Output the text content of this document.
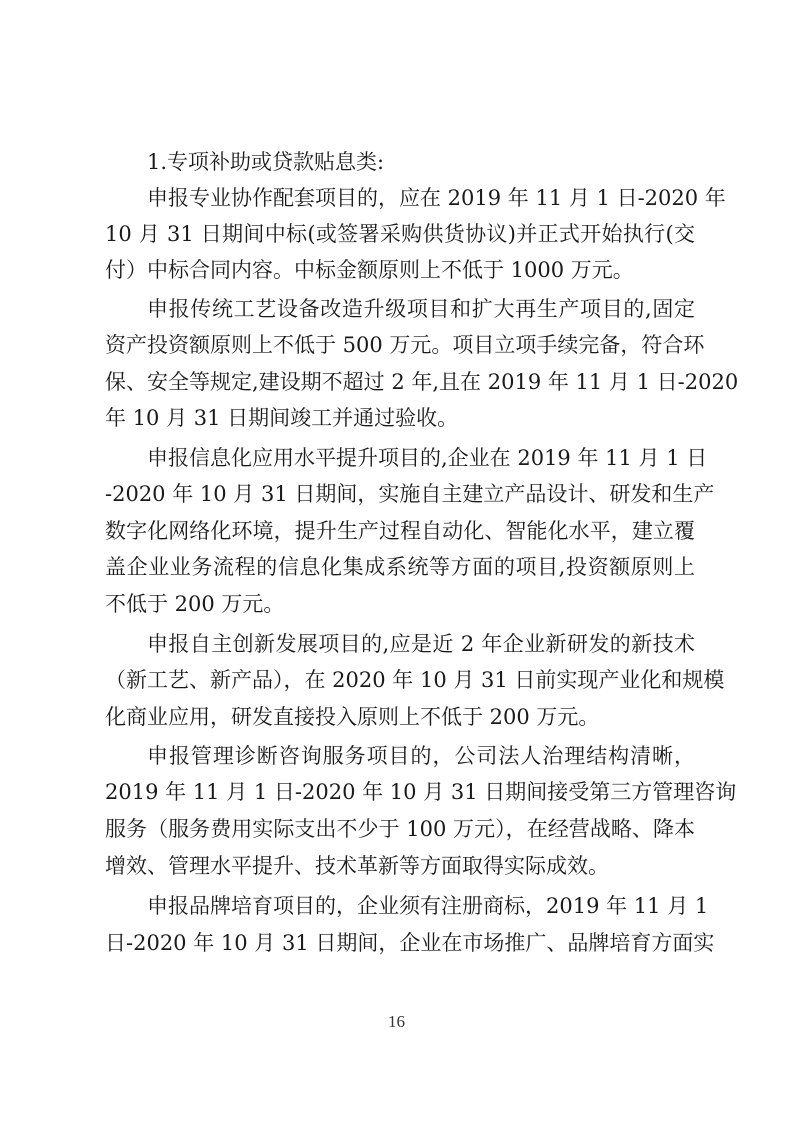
1.专项补助或贷款贴息类:
申报专业协作配套项目的，应在 2019 年 11 月 1 日-2020 年
10 月 31 日期间中标(或签署采购供货协议)并正式开始执行(交
付）中标合同内容。中标金额原则上不低于 1000 万元。
申报传统工艺设备改造升级项目和扩大再生产项目的,固定
资产投资额原则上不低于 500 万元。项目立项手续完备，符合环
保、安全等规定,建设期不超过 2 年,且在 2019 年 11 月 1 日-2020
年 10 月 31 日期间竣工并通过验收。
申报信息化应用水平提升项目的,企业在 2019 年 11 月 1 日
-2020 年 10 月 31 日期间，实施自主建立产品设计、研发和生产
数字化网络化环境，提升生产过程自动化、智能化水平，建立覆
盖企业业务流程的信息化集成系统等方面的项目,投资额原则上
不低于 200 万元。
申报自主创新发展项目的,应是近 2 年企业新研发的新技术
（新工艺、新产品），在 2020 年 10 月 31 日前实现产业化和规模
化商业应用，研发直接投入原则上不低于 200 万元。
申报管理诊断咨询服务项目的，公司法人治理结构清晰，
2019 年 11 月 1 日-2020 年 10 月 31 日期间接受第三方管理咨询
服务（服务费用实际支出不少于 100 万元），在经营战略、降本
增效、管理水平提升、技术革新等方面取得实际成效。
申报品牌培育项目的，企业须有注册商标，2019 年 11 月 1
日-2020 年 10 月 31 日期间，企业在市场推广、品牌培育方面实
16
